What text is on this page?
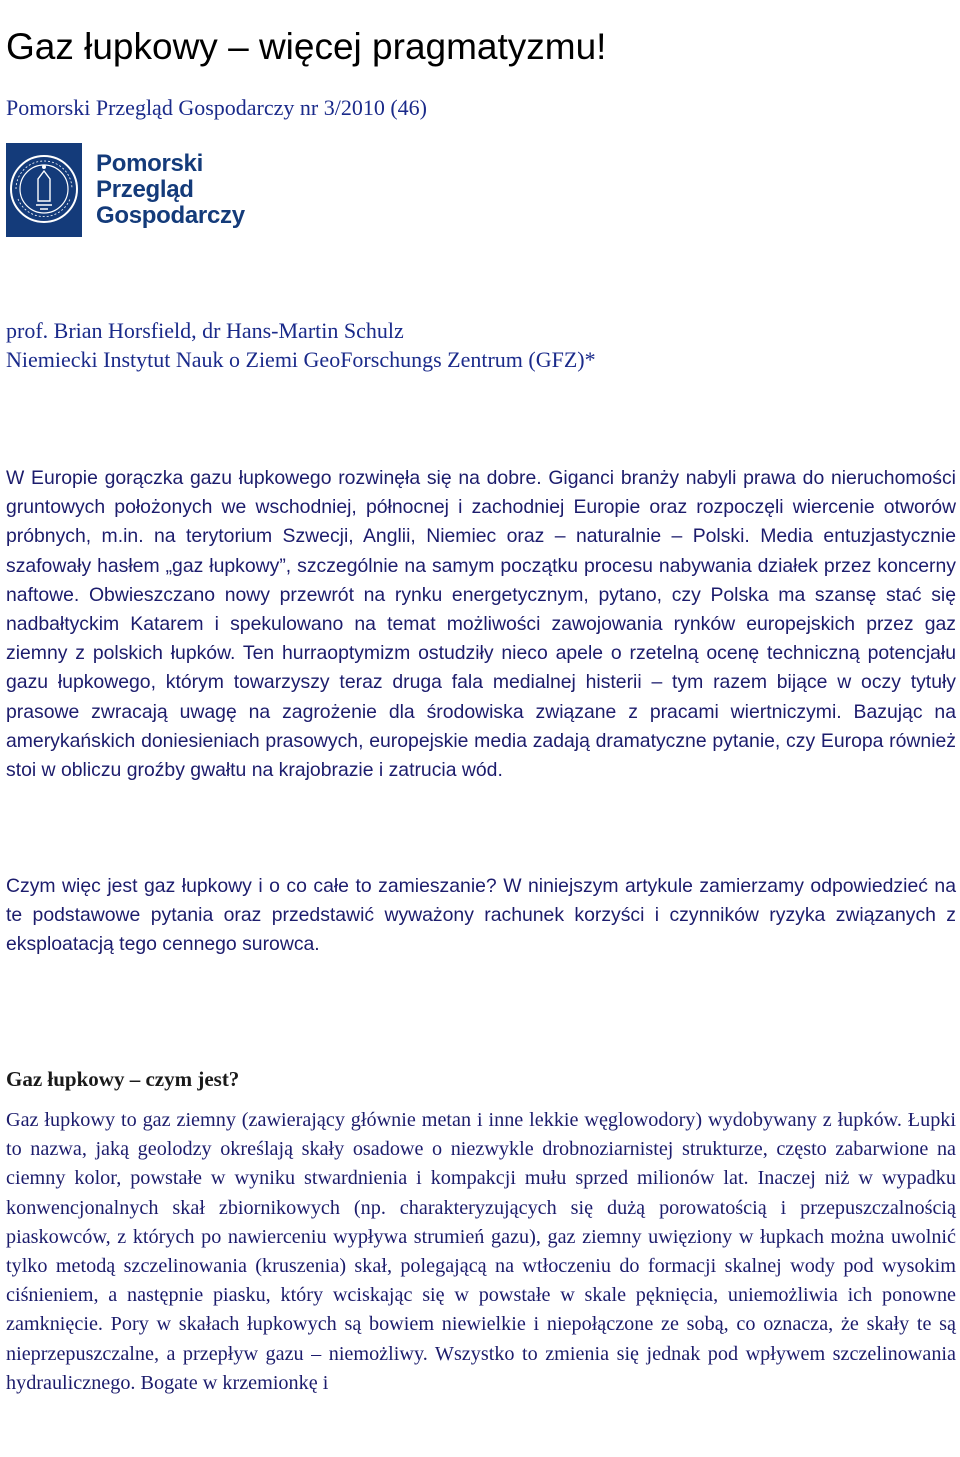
Gaz łupkowy – więcej pragmatyzmu!
Pomorski Przegląd Gospodarczy nr 3/2010 (46)
Pomorski
Przegląd
Gospodarczy
prof. Brian Horsfield, dr Hans-Martin Schulz
Niemiecki Instytut Nauk o Ziemi GeoForschungs Zentrum (GFZ)*

W Europie gorączka gazu łupkowego rozwinęła się na dobre. Giganci branży nabyli prawa do nieruchomości gruntowych położonych we wschodniej, północnej i zachodniej Europie oraz rozpoczęli wiercenie otworów próbnych, m.in. na terytorium Szwecji, Anglii, Niemiec oraz – naturalnie – Polski. Media entuzjastycznie szafowały hasłem „gaz łupkowy”, szczególnie na samym początku procesu nabywania działek przez koncerny naftowe. Obwieszczano nowy przewrót na rynku energetycznym, pytano, czy Polska ma szansę stać się nadbałtyckim Katarem i spekulowano na temat możliwości zawojowania rynków europejskich przez gaz ziemny z polskich łupków. Ten hurraoptymizm ostudziły nieco apele o rzetelną ocenę techniczną potencjału gazu łupkowego, którym towarzyszy teraz druga fala medialnej histerii – tym razem bijące w oczy tytuły prasowe zwracają uwagę na zagrożenie dla środowiska związane z pracami wiertniczymi. Bazując na amerykańskich doniesieniach prasowych, europejskie media zadają dramatyczne pytanie, czy Europa również stoi w obliczu groźby gwałtu na krajobrazie i zatrucia wód.

Czym więc jest gaz łupkowy i o co całe to zamieszanie? W niniejszym artykule zamierzamy odpowiedzieć na te podstawowe pytania oraz przedstawić wyważony rachunek korzyści i czynników ryzyka związanych z eksploatacją tego cennego surowca.

Gaz łupkowy – czym jest?

Gaz łupkowy to gaz ziemny (zawierający głównie metan i inne lekkie węglowodory) wydobywany z łupków. Łupki to nazwa, jaką geolodzy określają skały osadowe o niezwykle drobnoziarnistej strukturze, często zabarwione na ciemny kolor, powstałe w wyniku stwardnienia i kompakcji mułu sprzed milionów lat. Inaczej niż w wypadku konwencjonalnych skał zbiornikowych (np. charakteryzujących się dużą porowatością i przepuszczalnością piaskowców, z których po nawierceniu wypływa strumień gazu), gaz ziemny uwięziony w łupkach można uwolnić tylko metodą szczelinowania (kruszenia) skał, polegającą na wtłoczeniu do formacji skalnej wody pod wysokim ciśnieniem, a następnie piasku, który wciskając się w powstałe w skale pęknięcia, uniemożliwia ich ponowne zamknięcie. Pory w skałach łupkowych są bowiem niewielkie i niepołączone ze sobą, co oznacza, że skały te są nieprzepuszczalne, a przepływ gazu – niemożliwy. Wszystko to zmienia się jednak pod wpływem szczelinowania hydraulicznego. Bogate w krzemionkę i
